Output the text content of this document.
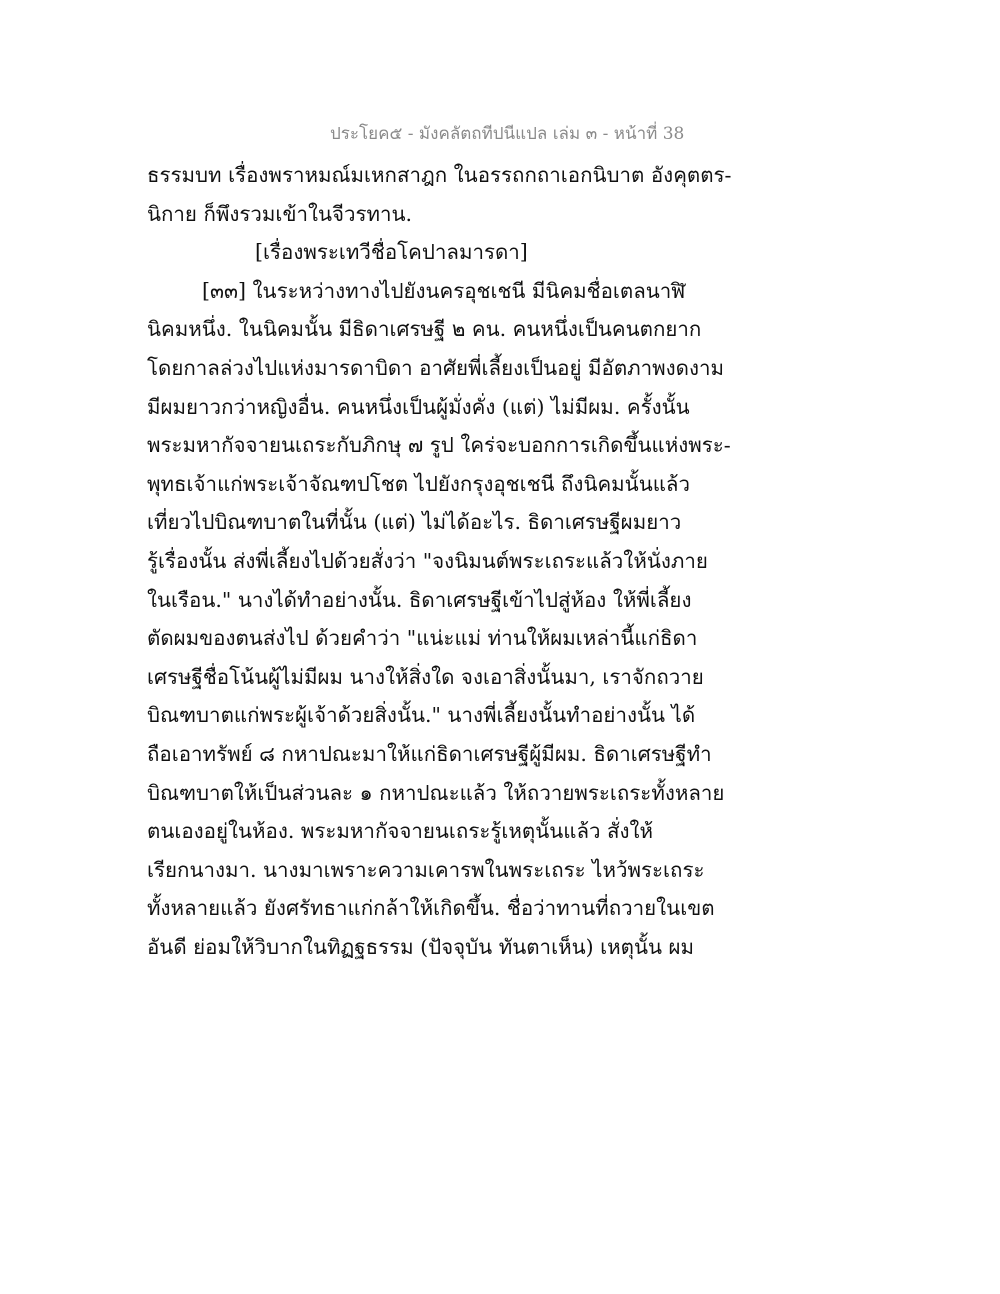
ประโยค๕ - มังคลัตถทีปนีแปล เล่ม ๓ - หน้าที่ 38
ธรรมบท เรื่องพราหมณ์มเหกสาฎก ในอรรถกถาเอกนิบาต อังคุตตร-
นิกาย ก็พึงรวมเข้าในจีวรทาน.
[เรื่องพระเทวีชื่อโคปาลมารดา]
[๓๓] ในระหว่างทางไปยังนครอุชเชนี มีนิคมชื่อเตลนาฬิ
นิคมหนึ่ง. ในนิคมนั้น มีธิดาเศรษฐี ๒ คน. คนหนึ่งเป็นคนตกยาก
โดยกาลล่วงไปแห่งมารดาบิดา อาศัยพี่เลี้ยงเป็นอยู่ มีอัตภาพงดงาม
มีผมยาวกว่าหญิงอื่น. คนหนึ่งเป็นผู้มั่งคั่ง (แต่) ไม่มีผม. ครั้งนั้น
พระมหากัจจายนเถระกับภิกษุ ๗ รูป ใคร่จะบอกการเกิดขึ้นแห่งพระ-
พุทธเจ้าแก่พระเจ้าจัณฑปโชต ไปยังกรุงอุชเชนี ถึงนิคมนั้นแล้ว
เที่ยวไปบิณฑบาตในที่นั้น (แต่) ไม่ได้อะไร. ธิดาเศรษฐีผมยาว
รู้เรื่องนั้น ส่งพี่เลี้ยงไปด้วยสั่งว่า "จงนิมนต์พระเถระแล้วให้นั่งภาย
ในเรือน." นางได้ทำอย่างนั้น. ธิดาเศรษฐีเข้าไปสู่ห้อง ให้พี่เลี้ยง
ตัดผมของตนส่งไป ด้วยคำว่า "แน่ะแม่ ท่านให้ผมเหล่านี้แก่ธิดา
เศรษฐีชื่อโน้นผู้ไม่มีผม นางให้สิ่งใด จงเอาสิ่งนั้นมา, เราจักถวาย
บิณฑบาตแก่พระผู้เจ้าด้วยสิ่งนั้น." นางพี่เลี้ยงนั้นทำอย่างนั้น ได้
ถือเอาทรัพย์ ๘ กหาปณะมาให้แก่ธิดาเศรษฐีผู้มีผม. ธิดาเศรษฐีทำ
บิณฑบาตให้เป็นส่วนละ ๑ กหาปณะแล้ว ให้ถวายพระเถระทั้งหลาย
ตนเองอยู่ในห้อง. พระมหากัจจายนเถระรู้เหตุนั้นแล้ว สั่งให้
เรียกนางมา. นางมาเพราะความเคารพในพระเถระ ไหว้พระเถระ
ทั้งหลายแล้ว ยังศรัทธาแก่กล้าให้เกิดขึ้น. ชื่อว่าทานที่ถวายในเขต
อันดี ย่อมให้วิบากในทิฏฐธรรม (ปัจจุบัน ทันตาเห็น) เหตุนั้น ผม
